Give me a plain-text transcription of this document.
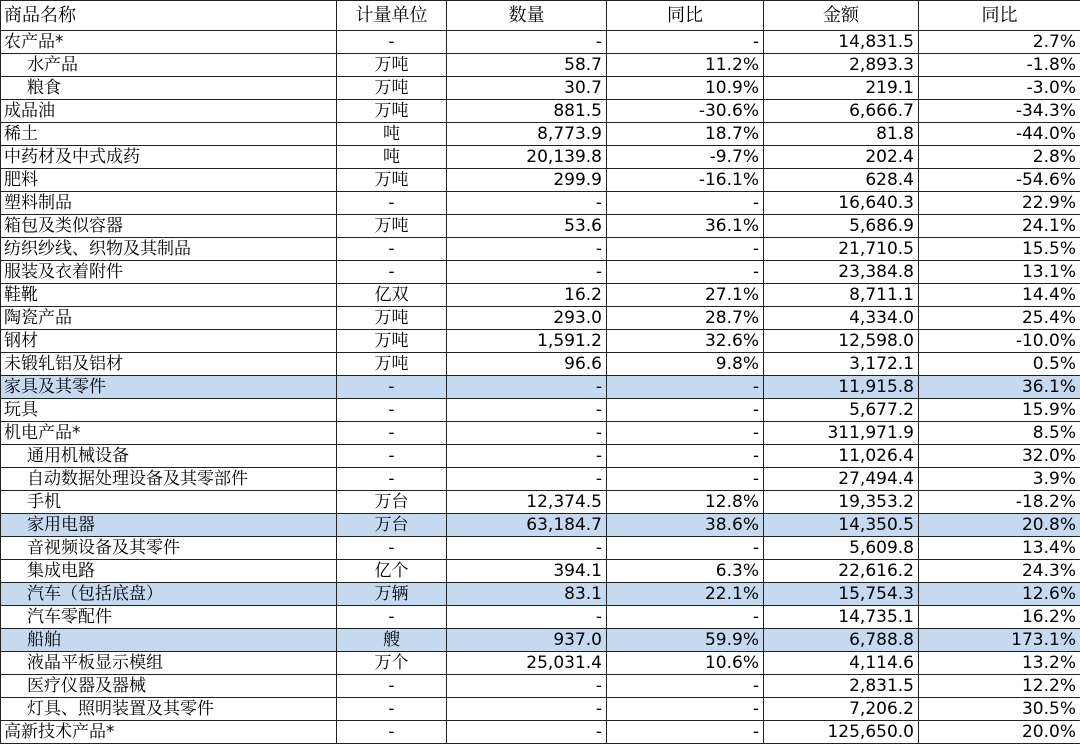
商品名称	计量单位	数量	同比	金额	同比
农产品*	-	-	-	14,831.5	2.7%
水产品	万吨	58.7	11.2%	2,893.3	-1.8%
粮食	万吨	30.7	10.9%	219.1	-3.0%
成品油	万吨	881.5	-30.6%	6,666.7	-34.3%
稀土	吨	8,773.9	18.7%	81.8	-44.0%
中药材及中式成药	吨	20,139.8	-9.7%	202.4	2.8%
肥料	万吨	299.9	-16.1%	628.4	-54.6%
塑料制品	-	-	-	16,640.3	22.9%
箱包及类似容器	万吨	53.6	36.1%	5,686.9	24.1%
纺织纱线、织物及其制品	-	-	-	21,710.5	15.5%
服装及衣着附件	-	-	-	23,384.8	13.1%
鞋靴	亿双	16.2	27.1%	8,711.1	14.4%
陶瓷产品	万吨	293.0	28.7%	4,334.0	25.4%
钢材	万吨	1,591.2	32.6%	12,598.0	-10.0%
未锻轧铝及铝材	万吨	96.6	9.8%	3,172.1	0.5%
家具及其零件	-	-	-	11,915.8	36.1%
玩具	-	-	-	5,677.2	15.9%
机电产品*	-	-	-	311,971.9	8.5%
通用机械设备	-	-	-	11,026.4	32.0%
自动数据处理设备及其零部件	-	-	-	27,494.4	3.9%
手机	万台	12,374.5	12.8%	19,353.2	-18.2%
家用电器	万台	63,184.7	38.6%	14,350.5	20.8%
音视频设备及其零件	-	-	-	5,609.8	13.4%
集成电路	亿个	394.1	6.3%	22,616.2	24.3%
汽车（包括底盘）	万辆	83.1	22.1%	15,754.3	12.6%
汽车零配件	-	-	-	14,735.1	16.2%
船舶	艘	937.0	59.9%	6,788.8	173.1%
液晶平板显示模组	万个	25,031.4	10.6%	4,114.6	13.2%
医疗仪器及器械	-	-	-	2,831.5	12.2%
灯具、照明装置及其零件	-	-	-	7,206.2	30.5%
高新技术产品*	-	-	-	125,650.0	20.0%
